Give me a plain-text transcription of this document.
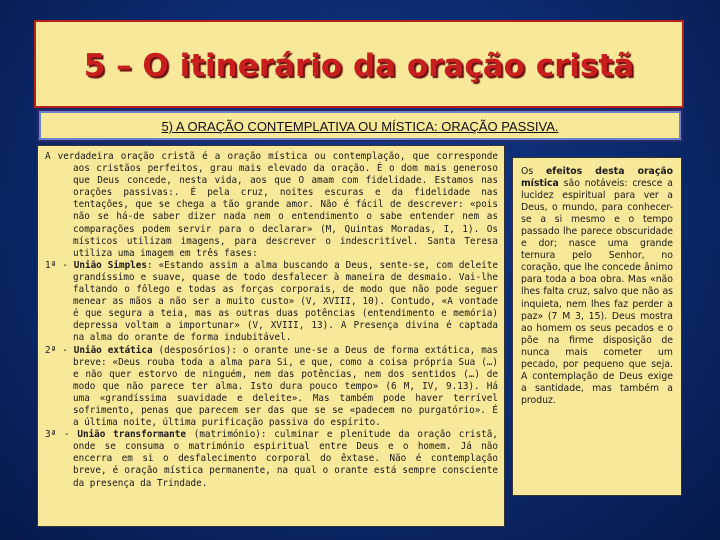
5 – O itinerário da oração cristã
5) A ORAÇÃO CONTEMPLATIVA OU MÍSTICA: ORAÇÃO PASSIVA.

A verdadeira oração cristã é a oração mística ou contemplação, que corresponde aos cristãos perfeitos, grau mais elevado da oração. É o dom mais generoso que Deus concede, nesta vida, aos que O amam com fidelidade. Estamos nas orações passivas:. É pela cruz, noites escuras e da fidelidade nas tentações, que se chega a tão grande amor. Não é fácil de descrever: «pois não se há-de saber dizer nada nem o entendimento o sabe entender nem as comparações podem servir para o declarar» (M, Quintas Moradas, I, 1). Os místicos utilizam imagens, para descrever o indescritível. Santa Teresa utiliza uma imagem em três fases:

1ª - União Simples: «Estando assim a alma buscando a Deus, sente-se, com deleite grandíssimo e suave, quase de todo desfalecer à maneira de desmaio. Vai-lhe faltando o fôlego e todas as forças corporais, de modo que não pode seguer menear as mãos a não ser a muito custo» (V, XVIII, 10). Contudo, «A vontade é que segura a teia, mas as outras duas potências (entendimento e memória) depressa voltam a importunar» (V, XVIII, 13). A Presença divina é captada na alma do orante de forma indubitável.

2ª - União extática (desposórios): o orante une-se a Deus de forma extática, mas breve: «Deus rouba toda a alma para Si, e que, como a coisa própria Sua (…) e não quer estorvo de ninguém, nem das potências, nem dos sentidos (…) de modo que não parece ter alma. Isto dura pouco tempo» (6 M, IV, 9.13). Há uma «grandíssima suavidade e deleite». Mas também pode haver terrível sofrimento, penas que parecem ser das que se se «padecem no purgatório». É a última noite, última purificação passiva do espírito.

3ª - União transformante (matrimónio): culminar e plenitude da oração cristã, onde se consuma o matrimónio espiritual entre Deus e o homem. Já não encerra em si o desfalecimento corporal do êxtase. Não é contemplação breve, é oração mística permanente, na qual o orante está sempre consciente da presença da Trindade.

Os efeitos desta oração mística são notáveis: cresce a lucidez espiritual para ver a Deus, o mundo, para conhecer-se a si mesmo e o tempo passado lhe parece obscuridade e dor; nasce uma grande ternura pelo Senhor, no coração, que lhe concede ânimo para toda a boa obra. Mas «não lhes falta cruz, salvo que não as inquieta, nem lhes faz perder a paz» (7 M 3, 15). Deus mostra ao homem os seus pecados e o põe na firme disposição de nunca mais cometer um pecado, por pequeno que seja. A contemplação de Deus exige a santidade, mas também a produz.
